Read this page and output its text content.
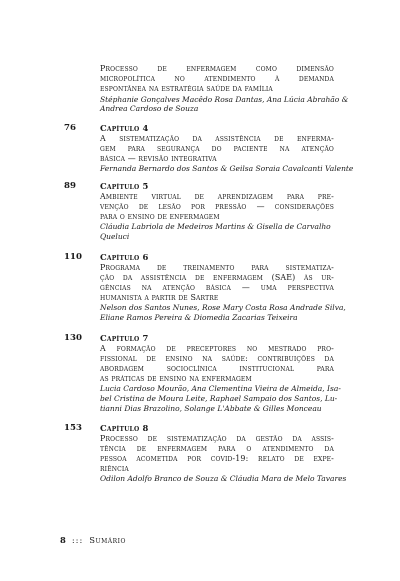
Processo de enfermagem como dimensão
micropolítica no atendimento à demanda
espontânea na estratégia saúde da família
Stéphanie Gonçalves Macêdo Rosa Dantas, Ana Lúcia Abrahão &
Andrea Cardoso de Souza
76	Capítulo 4
A sistematização da assistência de enferma-
gem para segurança do paciente na atenção
básica — revisão integrativa
Fernanda Bernardo dos Santos & Geilsa Soraia Cavalcanti Valente
89	Capítulo 5
Ambiente virtual de aprendizagem para pre-
venção de lesão por pressão — considerações
para o ensino de enfermagem
Cláudia Labriola de Medeiros Martins & Gisella de Carvalho
Queluci
110 Capítulo 6
Programa de treinamento para sistematiza-
ção da assistência de enfermagem (SAE) às ur-
gências na atenção básica — uma perspectiva
humanista a partir de Sartre
Nelson dos Santos Nunes, Rose Mary Costa Rosa Andrade Silva,
Eliane Ramos Pereira & Diomedia Zacarias Teixeira
130 Capítulo 7
A formação de preceptores no mestrado pro-
fissional de ensino na saúde: contribuições da
abordagem socioclínica institucional para
as práticas de ensino na enfermagem
Lucia Cardoso Mourão, Ana Clementina Vieira de Almeida, Isa-
bel Cristina de Moura Leite, Raphael Sampaio dos Santos, Lu-
tianni Dias Brazolino, Solange L'Abbate & Gilles Monceau
153 Capítulo 8
Processo de sistematização da gestão da assis-
tência de enfermagem para o atendimento da
pessoa acometida por covid-19: relato de expe-
riência
Odilon Adolfo Branco de Souza & Cláudia Mara de Melo Tavares
8 ::: Sumário
